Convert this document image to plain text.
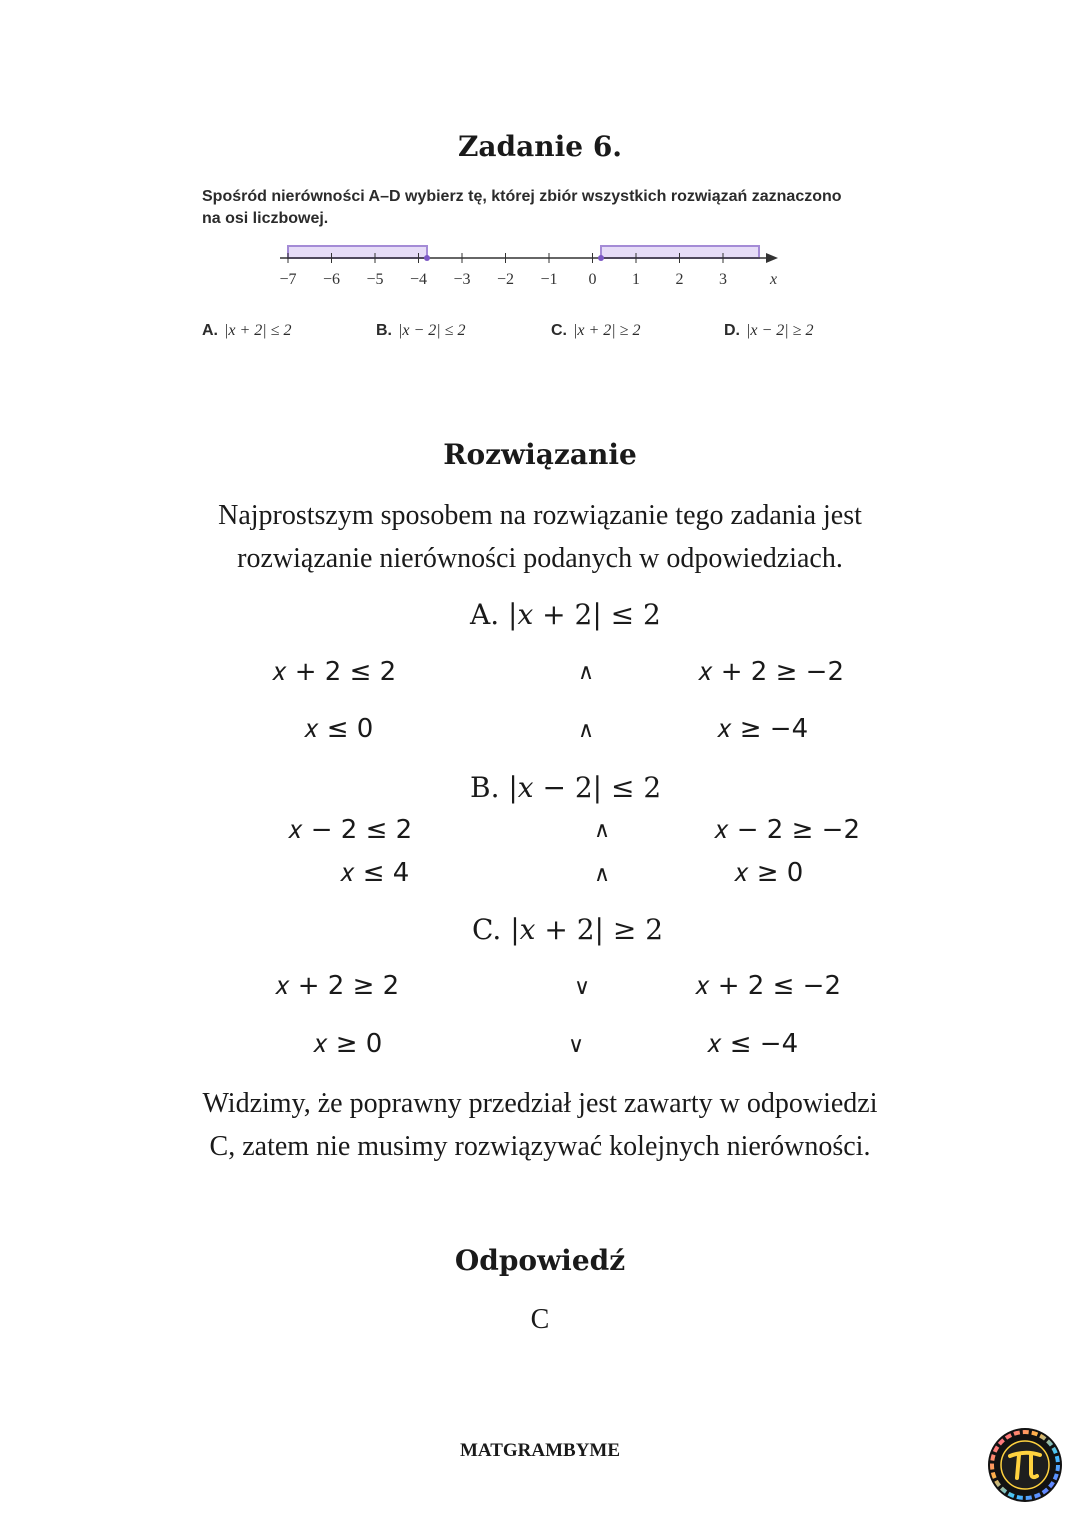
Zadanie 6.
Spośród nierówności A–D wybierz tę, której zbiór wszystkich rozwiązań zaznaczono
na osi liczbowej.
−7 −6 −5 −4 −3 −2 −1 0 1 2 3	x
A. |x + 2| ≤ 2	B. |x − 2| ≤ 2	C. |x + 2| ≥ 2	D. |x − 2| ≥ 2
Rozwiązanie
Najprostszym sposobem na rozwiązanie tego zadania jest
rozwiązanie nierówności podanych w odpowiedziach.
A. |𝑥 + 2| ≤ 2
𝑥 + 2 ≤ 2	∧	𝑥 + 2 ≥ −2
𝑥 ≤ 0	∧	𝑥 ≥ −4
B. |𝑥 − 2| ≤ 2
𝑥 − 2 ≤ 2	∧	𝑥 − 2 ≥ −2
𝑥 ≤ 4	∧	𝑥 ≥ 0
C. |𝑥 + 2| ≥ 2
𝑥 + 2 ≥ 2	∨	𝑥 + 2 ≤ −2
𝑥 ≥ 0	∨	𝑥 ≤ −4
Widzimy, że poprawny przedział jest zawarty w odpowiedzi
C, zatem nie musimy rozwiązywać kolejnych nierówności.
Odpowiedź
C
MATGRAMBYME
